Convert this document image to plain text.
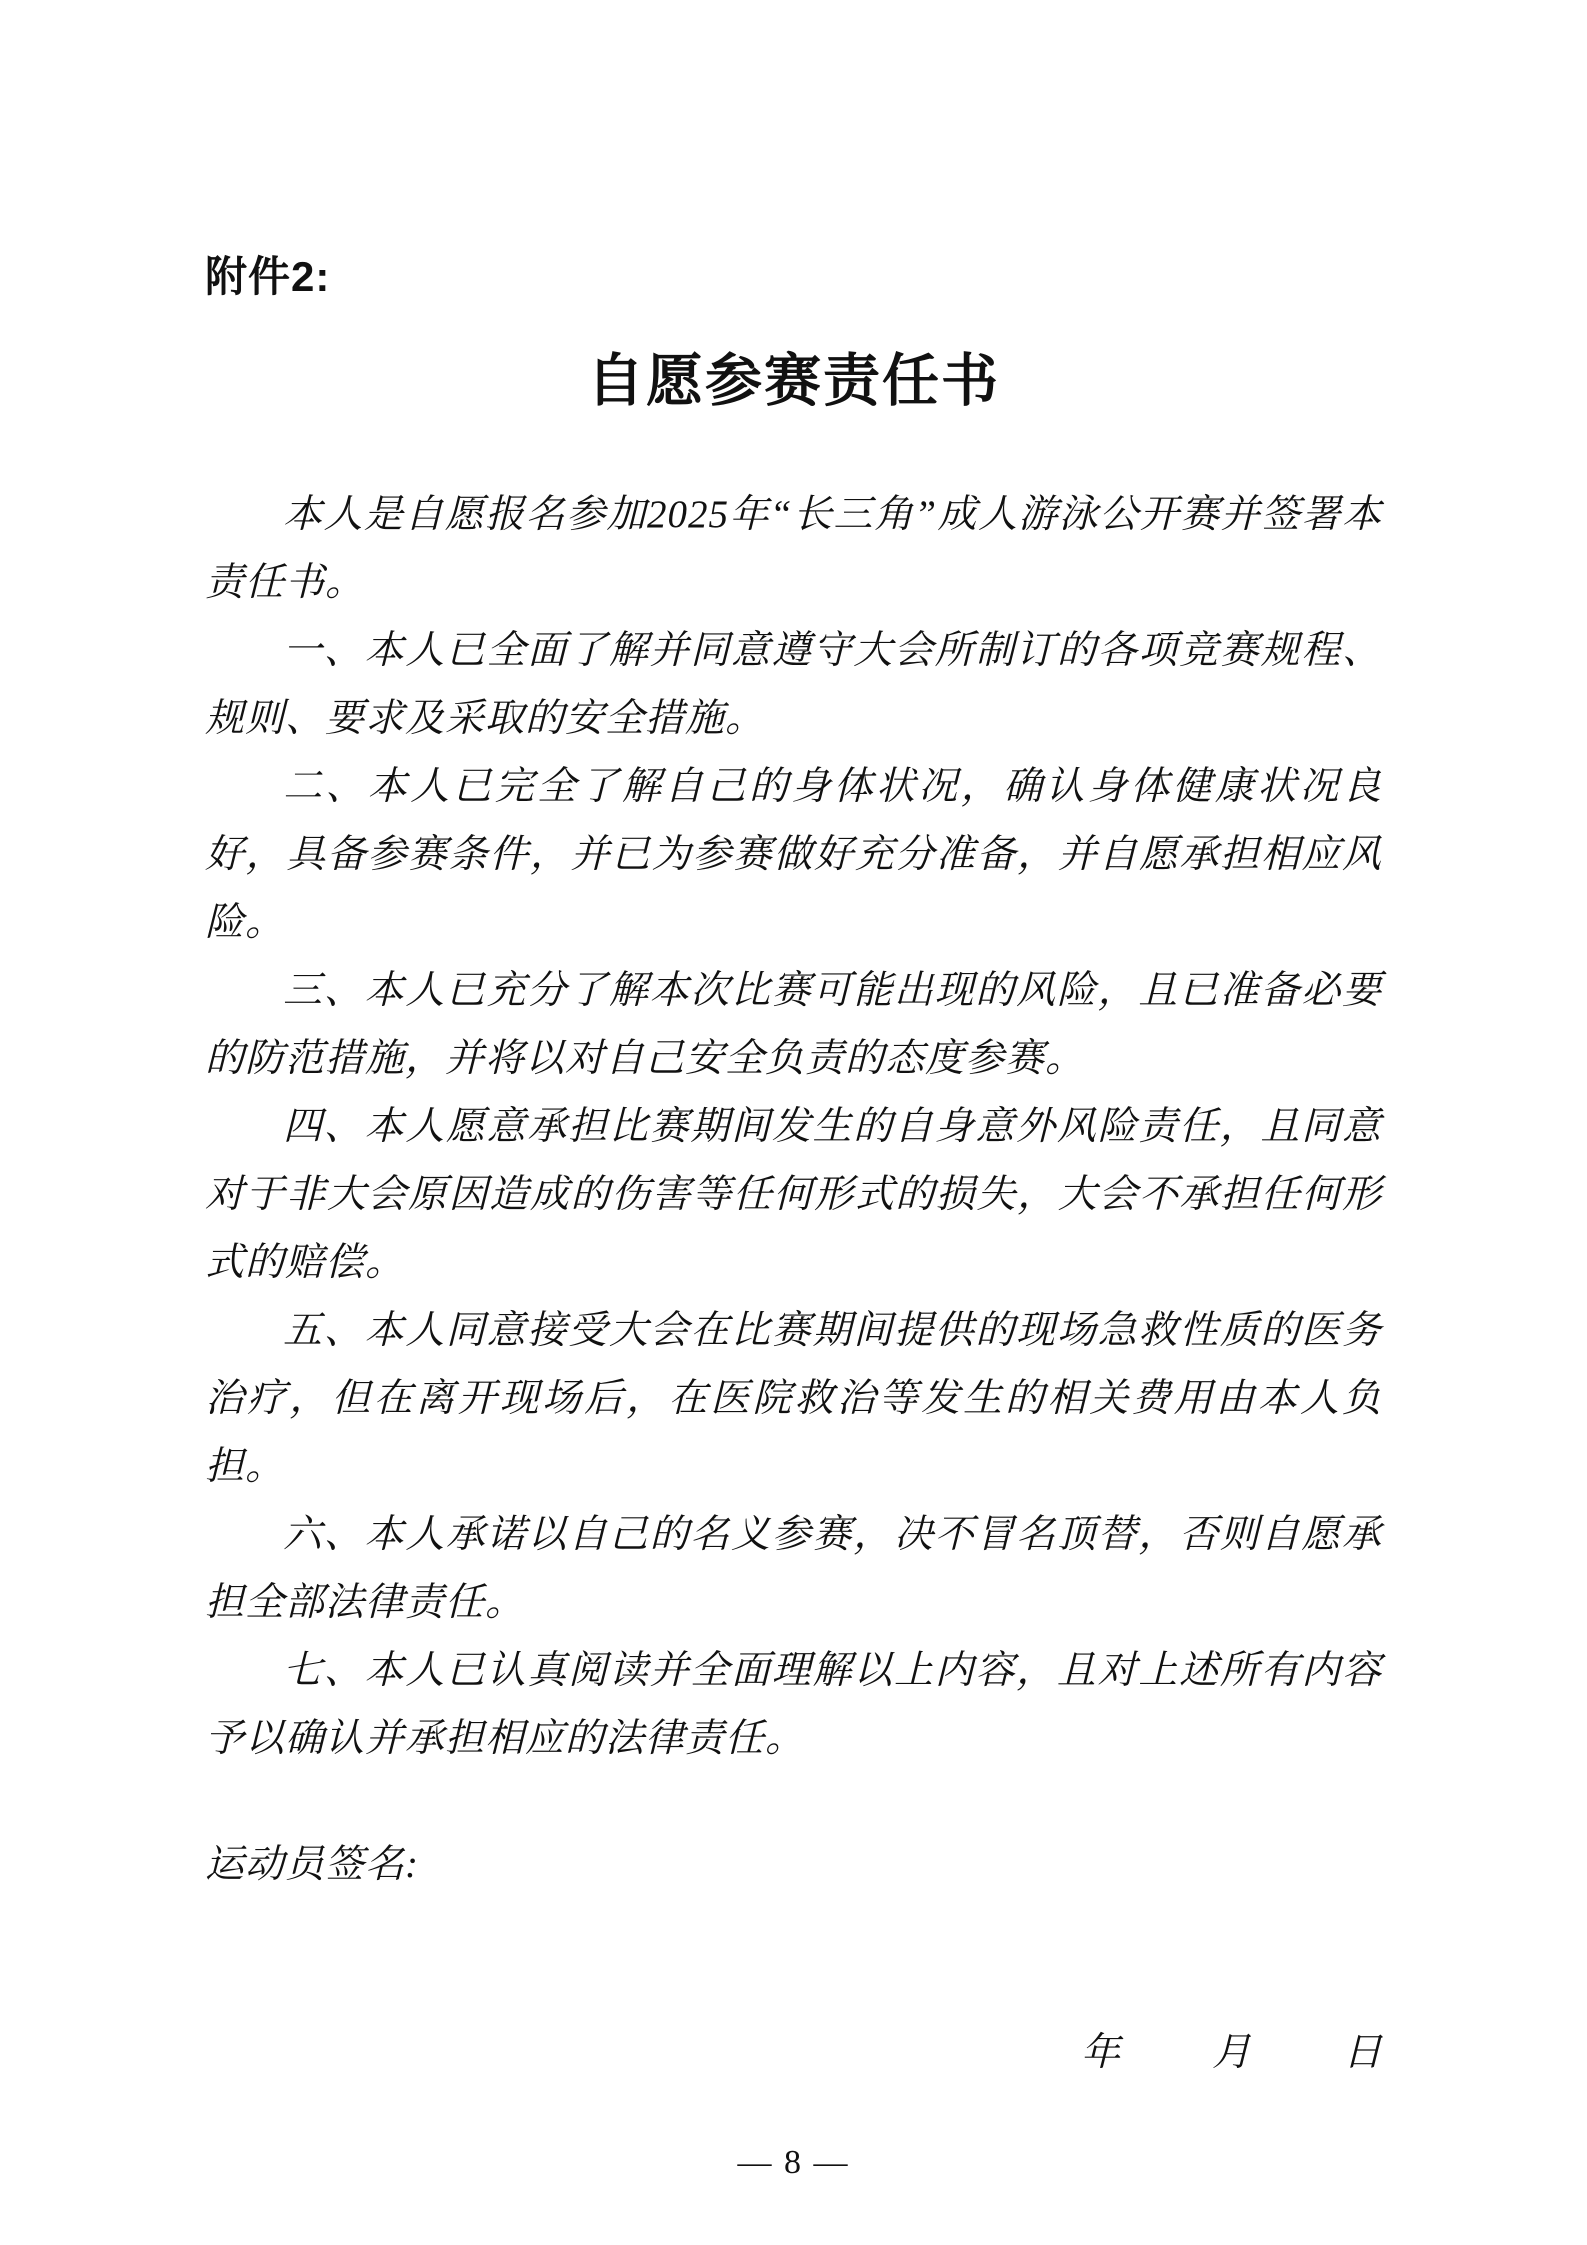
附件2:
自愿参赛责任书

本人是自愿报名参加2025年“长三角”成人游泳公开赛并签署本责任书。

一、本人已全面了解并同意遵守大会所制订的各项竞赛规程、规则、要求及采取的安全措施。

二、本人已完全了解自己的身体状况，确认身体健康状况良好，具备参赛条件，并已为参赛做好充分准备，并自愿承担相应风险。

三、本人已充分了解本次比赛可能出现的风险，且已准备必要的防范措施，并将以对自己安全负责的态度参赛。

四、本人愿意承担比赛期间发生的自身意外风险责任，且同意对于非大会原因造成的伤害等任何形式的损失，大会不承担任何形式的赔偿。

五、本人同意接受大会在比赛期间提供的现场急救性质的医务治疗，但在离开现场后，在医院救治等发生的相关费用由本人负担。

六、本人承诺以自己的名义参赛，决不冒名顶替，否则自愿承担全部法律责任。

七、本人已认真阅读并全面理解以上内容，且对上述所有内容予以确认并承担相应的法律责任。

运动员签名:
年 月 日
— 8 —
